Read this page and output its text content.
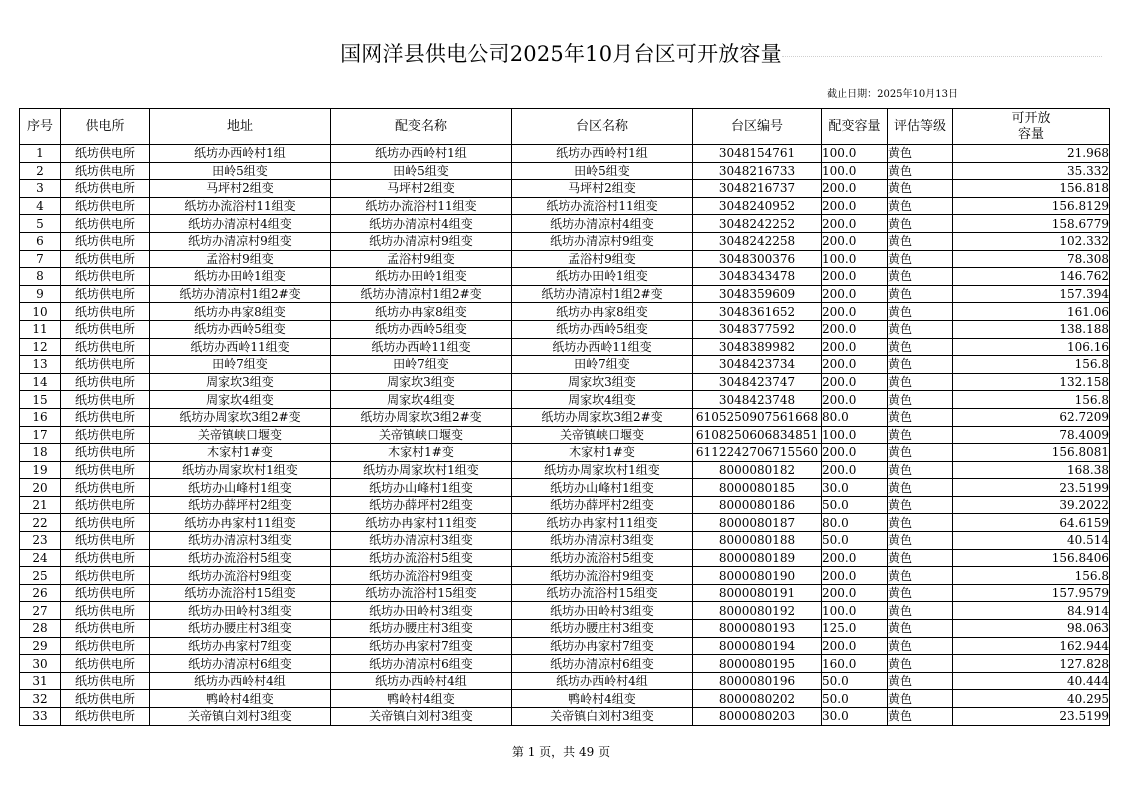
国网洋县供电公司2025年10月台区可开放容量
截止日期：2025年10月13日
序号	供电所	地址	配变名称	台区名称	台区编号	配变容量	评估等级	可开放
容量
1	纸坊供电所	纸坊办西岭村1组	纸坊办西岭村1组	纸坊办西岭村1组	3048154761	100.0	黄色	21.968
2	纸坊供电所	田岭5组变	田岭5组变	田岭5组变	3048216733	100.0	黄色	35.332
3	纸坊供电所	马坪村2组变	马坪村2组变	马坪村2组变	3048216737	200.0	黄色	156.818
4	纸坊供电所	纸坊办流浴村11组变	纸坊办流浴村11组变	纸坊办流浴村11组变	3048240952	200.0	黄色	156.8129
5	纸坊供电所	纸坊办清凉村4组变	纸坊办清凉村4组变	纸坊办清凉村4组变	3048242252	200.0	黄色	158.6779
6	纸坊供电所	纸坊办清凉村9组变	纸坊办清凉村9组变	纸坊办清凉村9组变	3048242258	200.0	黄色	102.332
7	纸坊供电所	孟浴村9组变	孟浴村9组变	孟浴村9组变	3048300376	100.0	黄色	78.308
8	纸坊供电所	纸坊办田岭1组变	纸坊办田岭1组变	纸坊办田岭1组变	3048343478	200.0	黄色	146.762
9	纸坊供电所	纸坊办清凉村1组2#变	纸坊办清凉村1组2#变	纸坊办清凉村1组2#变	3048359609	200.0	黄色	157.394
10	纸坊供电所	纸坊办冉家8组变	纸坊办冉家8组变	纸坊办冉家8组变	3048361652	200.0	黄色	161.06
11	纸坊供电所	纸坊办西岭5组变	纸坊办西岭5组变	纸坊办西岭5组变	3048377592	200.0	黄色	138.188
12	纸坊供电所	纸坊办西岭11组变	纸坊办西岭11组变	纸坊办西岭11组变	3048389982	200.0	黄色	106.16
13	纸坊供电所	田岭7组变	田岭7组变	田岭7组变	3048423734	200.0	黄色	156.8
14	纸坊供电所	周家坎3组变	周家坎3组变	周家坎3组变	3048423747	200.0	黄色	132.158
15	纸坊供电所	周家坎4组变	周家坎4组变	周家坎4组变	3048423748	200.0	黄色	156.8
16	纸坊供电所	纸坊办周家坎3组2#变	纸坊办周家坎3组2#变	纸坊办周家坎3组2#变	6105250907561668	80.0	黄色	62.7209
17	纸坊供电所	关帝镇峡口堰变	关帝镇峡口堰变	关帝镇峡口堰变	6108250606834851	100.0	黄色	78.4009
18	纸坊供电所	木家村1#变	木家村1#变	木家村1#变	6112242706715560	200.0	黄色	156.8081
19	纸坊供电所	纸坊办周家坎村1组变	纸坊办周家坎村1组变	纸坊办周家坎村1组变	8000080182	200.0	黄色	168.38
20	纸坊供电所	纸坊办山峰村1组变	纸坊办山峰村1组变	纸坊办山峰村1组变	8000080185	30.0	黄色	23.5199
21	纸坊供电所	纸坊办薛坪村2组变	纸坊办薛坪村2组变	纸坊办薛坪村2组变	8000080186	50.0	黄色	39.2022
22	纸坊供电所	纸坊办冉家村11组变	纸坊办冉家村11组变	纸坊办冉家村11组变	8000080187	80.0	黄色	64.6159
23	纸坊供电所	纸坊办清凉村3组变	纸坊办清凉村3组变	纸坊办清凉村3组变	8000080188	50.0	黄色	40.514
24	纸坊供电所	纸坊办流浴村5组变	纸坊办流浴村5组变	纸坊办流浴村5组变	8000080189	200.0	黄色	156.8406
25	纸坊供电所	纸坊办流浴村9组变	纸坊办流浴村9组变	纸坊办流浴村9组变	8000080190	200.0	黄色	156.8
26	纸坊供电所	纸坊办流浴村15组变	纸坊办流浴村15组变	纸坊办流浴村15组变	8000080191	200.0	黄色	157.9579
27	纸坊供电所	纸坊办田岭村3组变	纸坊办田岭村3组变	纸坊办田岭村3组变	8000080192	100.0	黄色	84.914
28	纸坊供电所	纸坊办腰庄村3组变	纸坊办腰庄村3组变	纸坊办腰庄村3组变	8000080193	125.0	黄色	98.063
29	纸坊供电所	纸坊办冉家村7组变	纸坊办冉家村7组变	纸坊办冉家村7组变	8000080194	200.0	黄色	162.944
30	纸坊供电所	纸坊办清凉村6组变	纸坊办清凉村6组变	纸坊办清凉村6组变	8000080195	160.0	黄色	127.828
31	纸坊供电所	纸坊办西岭村4组	纸坊办西岭村4组	纸坊办西岭村4组	8000080196	50.0	黄色	40.444
32	纸坊供电所	鸭岭村4组变	鸭岭村4组变	鸭岭村4组变	8000080202	50.0	黄色	40.295
33	纸坊供电所	关帝镇白刘村3组变	关帝镇白刘村3组变	关帝镇白刘村3组变	8000080203	30.0	黄色	23.5199
第 1 页，共 49 页
